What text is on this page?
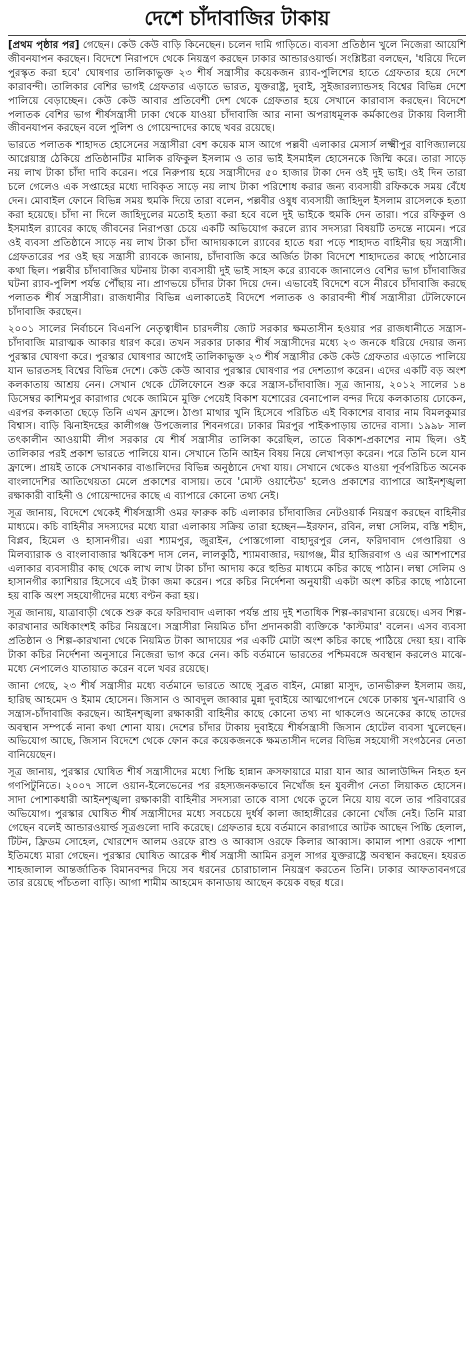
দেশে চাঁদাবাজির টাকায়

[প্রথম পৃষ্ঠার পর] গেছেন। কেউ কেউ বাড়ি কিনেছেন। চলেন দামি গাড়িতে। ব্যবসা প্রতিষ্ঠান খুলে নিজেরা আয়েশি জীবনযাপন করছেন। বিদেশে নিরাপদে থেকে নিয়ন্ত্রণ করছেন ঢাকার আন্ডারওয়ার্ল্ড। সংশ্লিষ্টরা বলছেন, 'ধরিয়ে দিলে পুরস্কৃত করা হবে' ঘোষণার তালিকাভুক্ত ২৩ শীর্ষ সন্ত্রাসীর কয়েকজন র‌্যাব-পুলিশের হাতে গ্রেফতার হয়ে দেশে কারাবন্দী। তালিকার বেশির ভাগই গ্রেফতার এড়াতে ভারত, যুক্তরাষ্ট্র, দুবাই, সুইজারল্যান্ডসহ বিশ্বের বিভিন্ন দেশে পালিয়ে বেড়াচ্ছেন। কেউ কেউ আবার প্রতিবেশী দেশ থেকে গ্রেফতার হয়ে সেখানে কারাবাস করছেন। বিদেশে পলাতক বেশির ভাগ শীর্ষসন্ত্রাসী ঢাকা থেকে যাওয়া চাঁদাবাজি আর নানা অপরাধমূলক কর্মকাণ্ডের টাকায় বিলাসী জীবনযাপন করছেন বলে পুলিশ ও গোয়েন্দাদের কাছে খবর রয়েছে।

ভারতে পলাতক শাহাদত হোসেনের সন্ত্রাসীরা বেশ কয়েক মাস আগে পল্লবী এলাকার মেসার্স লক্ষ্মীপুর বাণিজ্যালয়ে আগ্নেয়াস্ত্র ঠেকিয়ে প্রতিষ্ঠানটির মালিক রফিকুল ইসলাম ও তার ভাই ইসমাইল হোসেনকে জিম্মি করে। তারা সাড়ে নয় লাখ টাকা চাঁদা দাবি করেন। পরে নিরুপায় হয়ে সন্ত্রাসীদের ৫০ হাজার টাকা দেন ওই দুই ভাই। ওই দিন তারা চলে গেলেও এক সপ্তাহের মধ্যে দাবিকৃত সাড়ে নয় লাখ টাকা পরিশোধ করার জন্য ব্যবসায়ী রফিককে সময় বেঁধে দেন। মোবাইল ফোনে বিভিন্ন সময় হুমকি দিয়ে তারা বলেন, পল্লবীর ওষুধ ব্যবসায়ী জাহিদুল ইসলাম রাসেলকে হত্যা করা হয়েছে। চাঁদা না দিলে জাহিদুলের মতোই হত্যা করা হবে বলে দুই ভাইকে হুমকি দেন তারা। পরে রফিকুল ও ইসমাইল র‌্যাবের কাছে জীবনের নিরাপত্তা চেয়ে একটি অভিযোগ করলে র‌্যাব সদস্যরা বিষয়টি তদন্তে নামেন। পরে ওই ব্যবসা প্রতিষ্ঠানে সাড়ে নয় লাখ টাকা চাঁদা আদায়কালে র‌্যাবের হাতে ধরা পড়ে শাহাদত বাহিনীর ছয় সন্ত্রাসী। গ্রেফতারের পর ওই ছয় সন্ত্রাসী র‌্যাবকে জানায়, চাঁদাবাজি করে অর্জিত টাকা বিদেশে শাহাদতের কাছে পাঠানোর কথা ছিল। পল্লবীর চাঁদাবাজির ঘটনায় টাকা ব্যবসায়ী দুই ভাই সাহস করে র‌্যাবকে জানালেও বেশির ভাগ চাঁদাবাজির ঘটনা র‌্যাব-পুলিশ পর্যন্ত পৌঁছায় না। প্রাণভয়ে চাঁদার টাকা দিয়ে দেন। এভাবেই বিদেশে বসে নীরবে চাঁদাবাজি করছে পলাতক শীর্ষ সন্ত্রাসীরা। রাজধানীর বিভিন্ন এলাকাতেই বিদেশে পলাতক ও কারাবন্দী শীর্ষ সন্ত্রাসীরা টেলিফোনে চাঁদাবাজি করছেন।

২০০১ সালের নির্বাচনে বিএনপি নেতৃত্বাধীন চারদলীয় জোট সরকার ক্ষমতাসীন হওয়ার পর রাজধানীতে সন্ত্রাস-চাঁদাবাজি মারাত্মক আকার ধারণ করে। তখন সরকার ঢাকার শীর্ষ সন্ত্রাসীদের মধ্যে ২৩ জনকে ধরিয়ে দেয়ার জন্য পুরস্কার ঘোষণা করে। পুরস্কার ঘোষণার আগেই তালিকাভুক্ত ২৩ শীর্ষ সন্ত্রাসীর কেউ কেউ গ্রেফতার এড়াতে পালিয়ে যান ভারতসহ বিশ্বের বিভিন্ন দেশে। কেউ কেউ আবার পুরস্কার ঘোষণার পর দেশত্যাগ করেন। এদের একটি বড় অংশ কলকাতায় আশ্রয় নেন। সেখান থেকে টেলিফোনে শুরু করে সন্ত্রাস-চাঁদাবাজি। সূত্র জানায়, ২০১২ সালের ১৪ ডিসেম্বর কাশিমপুর কারাগার থেকে জামিনে মুক্তি পেয়েই বিকাশ যশোরের বেনাপোল বন্দর দিয়ে কলকাতায় ঢোকেন, এরপর কলকাতা ছেড়ে তিনি এখন ফ্রান্সে। ঠাণ্ডা মাথার খুনি হিসেবে পরিচিত এই বিকাশের বাবার নাম বিমলকুমার বিশ্বাস। বাড়ি ঝিনাইদহের কালীগঞ্জ উপজেলার শিবনগরে। ঢাকার মিরপুর পাইকপাড়ায় তাদের বাসা। ১৯৯৮ সাল তৎকালীন আওয়ামী লীগ সরকার যে শীর্ষ সন্ত্রাসীর তালিকা করেছিল, তাতে বিকাশ-প্রকাশের নাম ছিল। ওই তালিকার পরই প্রকাশ ভারতে পালিয়ে যান। সেখানে তিনি আইন বিষয় নিয়ে লেখাপড়া করেন। পরে তিনি চলে যান ফ্রান্সে। প্রায়ই তাকে সেখানকার বাঙালিদের বিভিন্ন অনুষ্ঠানে দেখা যায়। সেখানে থেকেও যাওয়া পূর্বপরিচিত অনেক বাংলাদেশির আতিথেয়তা মেলে প্রকাশের বাসায়। তবে 'মোস্ট ওয়ান্টেড' হলেও প্রকাশের ব্যাপারে আইনশৃঙ্খলা রক্ষাকারী বাহিনী ও গোয়েন্দাদের কাছে এ ব্যাপারে কোনো তথ্য নেই।

সূত্র জানায়, বিদেশে থেকেই শীর্ষসন্ত্রাসী ওমর ফারুক কচি এলাকার চাঁদাবাজির নেটওয়ার্ক নিয়ন্ত্রণ করছেন বাহিনীর মাধ্যমে। কচি বাহিনীর সদস্যদের মধ্যে যারা এলাকায় সক্রিয় তারা হচ্ছেন—ইরফান, রবিন, লম্বা সেলিম, বস্তি শহীদ, বিপ্লব, হিমেল ও হাসানগীর। এরা শ্যামপুর, জুরাইন, পোস্তগোলা বাহাদুরপুর লেন, ফরিদাবাদ গেণ্ডারিয়া ও মিলব্যারাক ও বাংলাবাজার ঋষিকেশ দাস লেন, লালকুঠি, শ্যামবাজার, দয়াগঞ্জ, মীর হাজিরবাগ ও এর আশপাশের এলাকার ব্যবসায়ীর কাছ থেকে লাখ লাখ টাকা চাঁদা আদায় করে হুন্ডির মাধ্যমে কচির কাছে পাঠান। লম্বা সেলিম ও হাসানগীর ক্যাশিয়ার হিসেবে এই টাকা জমা করেন। পরে কচির নির্দেশনা অনুযায়ী একটা অংশ কচির কাছে পাঠানো হয় বাকি অংশ সহযোগীদের মধ্যে বণ্টন করা হয়।

সূত্র জানায়, যাত্রাবাড়ী থেকে শুরু করে ফরিদাবাদ এলাকা পর্যন্ত প্রায় দুই শতাধিক শিল্প-কারখানা রয়েছে। এসব শিল্প-কারখানার অধিকাংশই কচির নিয়ন্ত্রণে। সন্ত্রাসীরা নিয়মিত চাঁদা প্রদানকারী ব্যক্তিকে 'কাস্টমার' বলেন। এসব ব্যবসা প্রতিষ্ঠান ও শিল্প-কারখানা থেকে নিয়মিত টাকা আদায়ের পর একটি মোটা অংশ কচির কাছে পাঠিয়ে দেয়া হয়। বাকি টাকা কচির নির্দেশনা অনুসারে নিজেরা ভাগ করে নেন। কচি বর্তমানে ভারতের পশ্চিমবঙ্গে অবস্থান করলেও মাঝে-মধ্যে নেপালেও যাতায়াত করেন বলে খবর রয়েছে।

জানা গেছে, ২৩ শীর্ষ সন্ত্রাসীর মধ্যে বর্তমানে ভারতে আছে সুব্রত বাইন, মোল্লা মাসুদ, তানভীরুল ইসলাম জয়, হারিছ আহমেদ ও ইমাম হোসেন। জিসান ও আবদুল জাব্বার মুন্না দুবাইয়ে আত্মগোপনে থেকে ঢাকায় খুন-খারাবি ও সন্ত্রাস-চাঁদাবাজি করছেন। আইনশৃঙ্খলা রক্ষাকারী বাহিনীর কাছে কোনো তথ্য না থাকলেও অনেকের কাছে তাদের অবস্থান সম্পর্কে নানা কথা শোনা যায়। দেশের চাঁদার টাকায় দুবাইয়ে শীর্ষসন্ত্রাসী জিসান হোটেল ব্যবসা খুলেছেন। অভিযোগ আছে, জিসান বিদেশে থেকে ফোন করে কয়েকজনকে ক্ষমতাসীন দলের বিভিন্ন সহযোগী সংগঠনের নেতা বানিয়েছেন।

সূত্র জানায়, পুরস্কার ঘোষিত শীর্ষ সন্ত্রাসীদের মধ্যে পিচ্চি হান্নান ক্রসফায়ারে মারা যান আর আলাউদ্দিন নিহত হন গণপিটুনিতে। ২০০৭ সালে ওয়ান-ইলেভেনের পর রহস্যজনকভাবে নিখোঁজ হন যুবলীগ নেতা লিয়াকত হোসেন। সাদা পোশাকধারী আইনশৃঙ্খলা রক্ষাকারী বাহিনীর সদস্যরা তাকে বাসা থেকে তুলে নিয়ে যায় বলে তার পরিবারের অভিযোগ। পুরস্কার ঘোষিত শীর্ষ সন্ত্রাসীদের মধ্যে সবচেয়ে দুর্ধর্ষ কালা জাহাঙ্গীরের কোনো খোঁজ নেই। তিনি মারা গেছেন বলেই আন্ডারওয়ার্ল্ড সূত্রগুলো দাবি করেছে। গ্রেফতার হয়ে বর্তমানে কারাগারে আটক আছেন পিচ্চি হেলাল, টিটন, ফ্রিডম সোহেল, খোরশেদ আলম ওরফে রাশু ও আব্বাস ওরফে কিলার আব্বাস। কামাল পাশা ওরফে পাশা ইতিমধ্যে মারা গেছেন। পুরস্কার ঘোষিত আরেক শীর্ষ সন্ত্রাসী আমিন রসুল সাগর যুক্তরাষ্ট্রে অবস্থান করছেন। হযরত শাহজালাল আন্তর্জাতিক বিমানবন্দর দিয়ে সব ধরনের চোরাচালান নিয়ন্ত্রণ করতেন তিনি। ঢাকার আফতাবনগরে তার রয়েছে পাঁচতলা বাড়ি। আগা শামীম আহমেদ কানাডায় আছেন কয়েক বছর ধরে।
